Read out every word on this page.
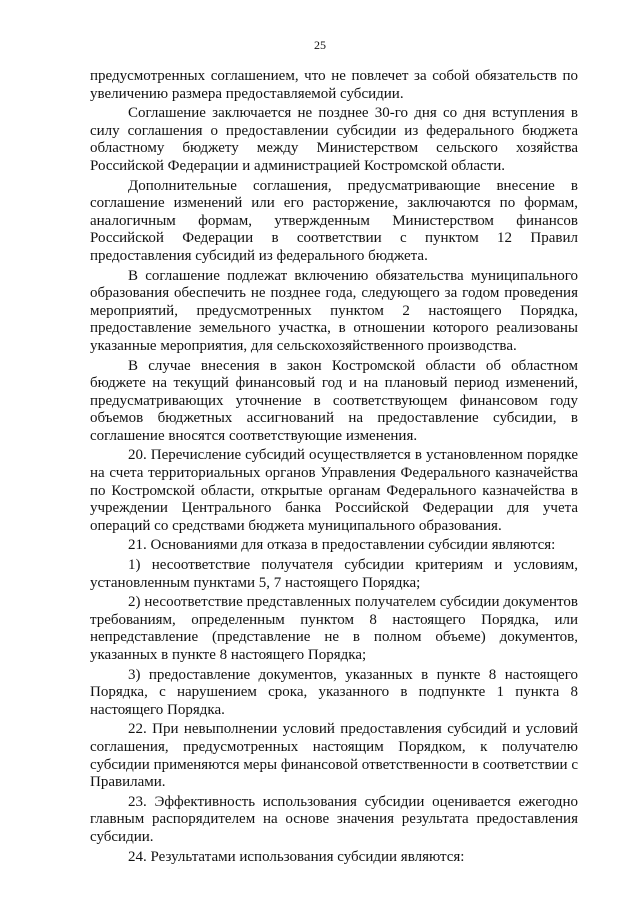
25

предусмотренных соглашением, что не повлечет за собой обязательств по увеличению размера предоставляемой субсидии.

Соглашение заключается не позднее 30-го дня со дня вступления в силу соглашения о предоставлении субсидии из федерального бюджета областному бюджету между Министерством сельского хозяйства Российской Федерации и администрацией Костромской области.

Дополнительные соглашения, предусматривающие внесение в соглашение изменений или его расторжение, заключаются по формам, аналогичным формам, утвержденным Министерством финансов Российской Федерации в соответствии с пунктом 12 Правил предоставления субсидий из федерального бюджета.

В соглашение подлежат включению обязательства муниципального образования обеспечить не позднее года, следующего за годом проведения мероприятий, предусмотренных пунктом 2 настоящего Порядка, предоставление земельного участка, в отношении которого реализованы указанные мероприятия, для сельскохозяйственного производства.

В случае внесения в закон Костромской области об областном бюджете на текущий финансовый год и на плановый период изменений, предусматривающих уточнение в соответствующем финансовом году объемов бюджетных ассигнований на предоставление субсидии, в соглашение вносятся соответствующие изменения.

20. Перечисление субсидий осуществляется в установленном порядке на счета территориальных органов Управления Федерального казначейства по Костромской области, открытые органам Федерального казначейства в учреждении Центрального банка Российской Федерации для учета операций со средствами бюджета муниципального образования.

21. Основаниями для отказа в предоставлении субсидии являются:

1) несоответствие получателя субсидии критериям и условиям, установленным пунктами 5, 7 настоящего Порядка;

2) несоответствие представленных получателем субсидии документов требованиям, определенным пунктом 8 настоящего Порядка, или непредставление (представление не в полном объеме) документов, указанных в пункте 8 настоящего Порядка;

3) предоставление документов, указанных в пункте 8 настоящего Порядка, с нарушением срока, указанного в подпункте 1 пункта 8 настоящего Порядка.

22. При невыполнении условий предоставления субсидий и условий соглашения, предусмотренных настоящим Порядком, к получателю субсидии применяются меры финансовой ответственности в соответствии с Правилами.

23. Эффективность использования субсидии оценивается ежегодно главным распорядителем на основе значения результата предоставления субсидии.

24. Результатами использования субсидии являются:
